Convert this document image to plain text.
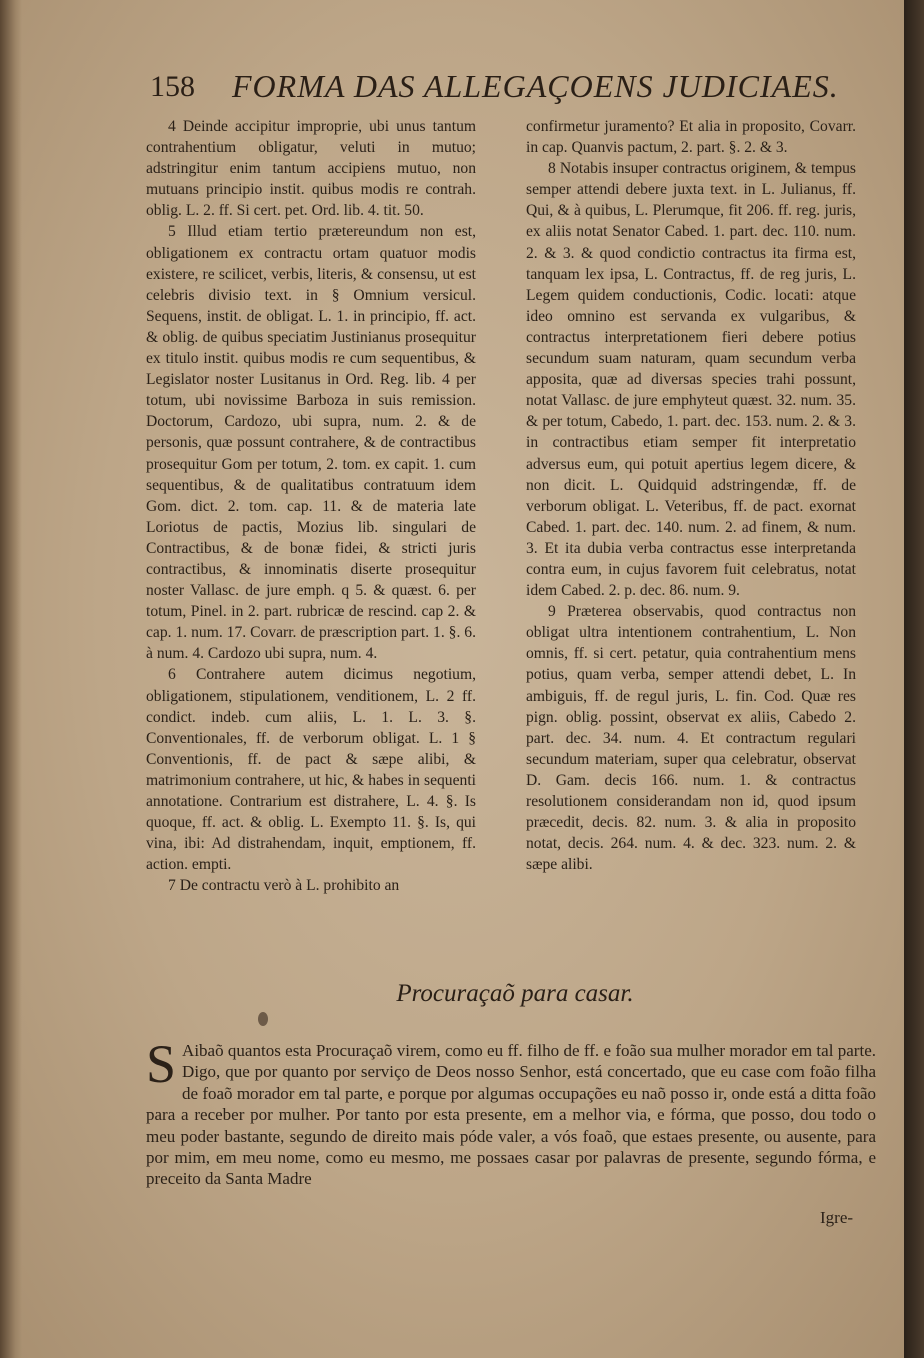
158 FORMA DAS ALLEGAÇOENS JUDICIAES.

4 Deinde accipitur improprie, ubi unus tantum contrahentium obligatur, veluti in mutuo; adstringitur enim tantum accipiens mutuo, non mutuans principio instit. quibus modis re contrah. oblig. L. 2. ff. Si cert. pet. Ord. lib. 4. tit. 50.

5 Illud etiam tertio prætereundum non est, obligationem ex contractu ortam quatuor modis existere, re scilicet, verbis, literis, & consensu, ut est celebris divisio text. in § Omnium versicul. Sequens, instit. de obligat. L. 1. in principio, ff. act. & oblig. de quibus speciatim Justinianus prosequitur ex titulo instit. quibus modis re cum sequentibus, & Legislator noster Lusitanus in Ord. Reg. lib. 4 per totum, ubi novissime Barboza in suis remission. Doctorum, Cardozo, ubi supra, num. 2. & de personis, quæ possunt contrahere, & de contractibus prosequitur Gom per totum, 2. tom. ex capit. 1. cum sequentibus, & de qualitatibus contratuum idem Gom. dict. 2. tom. cap. 11. & de materia late Loriotus de pactis, Mozius lib. singulari de Contractibus, & de bonæ fidei, & stricti juris contractibus, & innominatis diserte prosequitur noster Vallasc. de jure emph. q 5. & quæst. 6. per totum, Pinel. in 2. part. rubricæ de rescind. cap 2. & cap. 1. num. 17. Covarr. de præscription part. 1. §. 6. à num. 4. Cardozo ubi supra, num. 4.

6 Contrahere autem dicimus negotium, obligationem, stipulationem, venditionem, L. 2 ff. condict. indeb. cum aliis, L. 1. L. 3. §. Conventionales, ff. de verborum obligat. L. 1 § Conventionis, ff. de pact & sæpe alibi, & matrimonium contrahere, ut hic, & habes in sequenti annotatione. Contrarium est distrahere, L. 4. §. Is quoque, ff. act. & oblig. L. Exempto 11. §. Is, qui vina, ibi: Ad distrahendam, inquit, emptionem, ff. action. empti.

7 De contractu verò à L. prohibito an

confirmetur juramento? Et alia in proposito, Covarr. in cap. Quanvis pactum, 2. part. §. 2. & 3.

8 Notabis insuper contractus originem, & tempus semper attendi debere juxta text. in L. Julianus, ff. Qui, & à quibus, L. Plerumque, fit 206. ff. reg. juris, ex aliis notat Senator Cabed. 1. part. dec. 110. num. 2. & 3. & quod condictio contractus ita firma est, tanquam lex ipsa, L. Contractus, ff. de reg juris, L. Legem quidem conductionis, Codic. locati: atque ideo omnino est servanda ex vulgaribus, & contractus interpretationem fieri debere potius secundum suam naturam, quam secundum verba apposita, quæ ad diversas species trahi possunt, notat Vallasc. de jure emphyteut quæst. 32. num. 35. & per totum, Cabedo, 1. part. dec. 153. num. 2. & 3. in contractibus etiam semper fit interpretatio adversus eum, qui potuit apertius legem dicere, & non dicit. L. Quidquid adstringendæ, ff. de verborum obligat. L. Veteribus, ff. de pact. exornat Cabed. 1. part. dec. 140. num. 2. ad finem, & num. 3. Et ita dubia verba contractus esse interpretanda contra eum, in cujus favorem fuit celebratus, notat idem Cabed. 2. p. dec. 86. num. 9.

9 Præterea observabis, quod contractus non obligat ultra intentionem contrahentium, L. Non omnis, ff. si cert. petatur, quia contrahentium mens potius, quam verba, semper attendi debet, L. In ambiguis, ff. de regul juris, L. fin. Cod. Quæ res pign. oblig. possint, observat ex aliis, Cabedo 2. part. dec. 34. num. 4. Et contractum regulari secundum materiam, super qua celebratur, observat D. Gam. decis 166. num. 1. & contractus resolutionem considerandam non id, quod ipsum præcedit, decis. 82. num. 3. & alia in proposito notat, decis. 264. num. 4. & dec. 323. num. 2. & sæpe alibi.

Procuraçaõ para casar.
S Aibaõ quantos esta Procuraçaõ virem, como eu ff. filho de ff. e foão sua mulher morador em tal parte. Digo, que por quanto por serviço de Deos nosso Senhor, está concertado, que eu case com foão filha de foaõ morador em tal parte, e porque por algumas occupações eu naõ posso ir, onde está a ditta foão para a receber por mulher. Por tanto por esta presente, em a melhor via, e fórma, que posso, dou todo o meu poder bastante, segundo de direito mais póde valer, a vós foaõ, que estaes presente, ou ausente, para por mim, em meu nome, como eu mesmo, me possaes casar por palavras de presente, segundo fórma, e preceito da Santa Madre
Igre-
